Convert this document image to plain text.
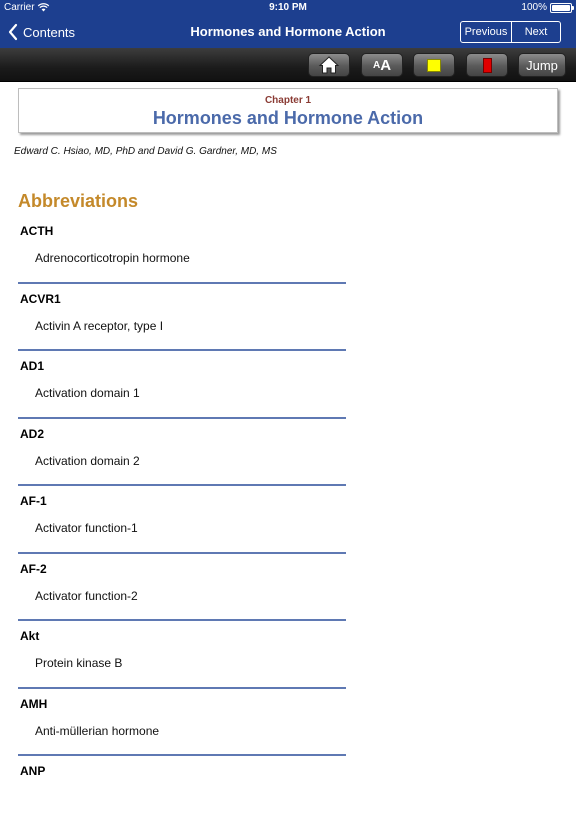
Carrier	9:10 PM	100%
Contents	Hormones and Hormone Action	Previous	Next
A A	Jump
Chapter 1
Hormones and Hormone Action
Edward C. Hsiao, MD, PhD and David G. Gardner, MD, MS
Abbreviations
ACTH
Adrenocorticotropin hormone
ACVR1
Activin A receptor, type I
AD1
Activation domain 1
AD2
Activation domain 2
AF-1
Activator function-1
AF-2
Activator function-2
Akt
Protein kinase B
AMH
Anti-müllerian hormone
ANP
